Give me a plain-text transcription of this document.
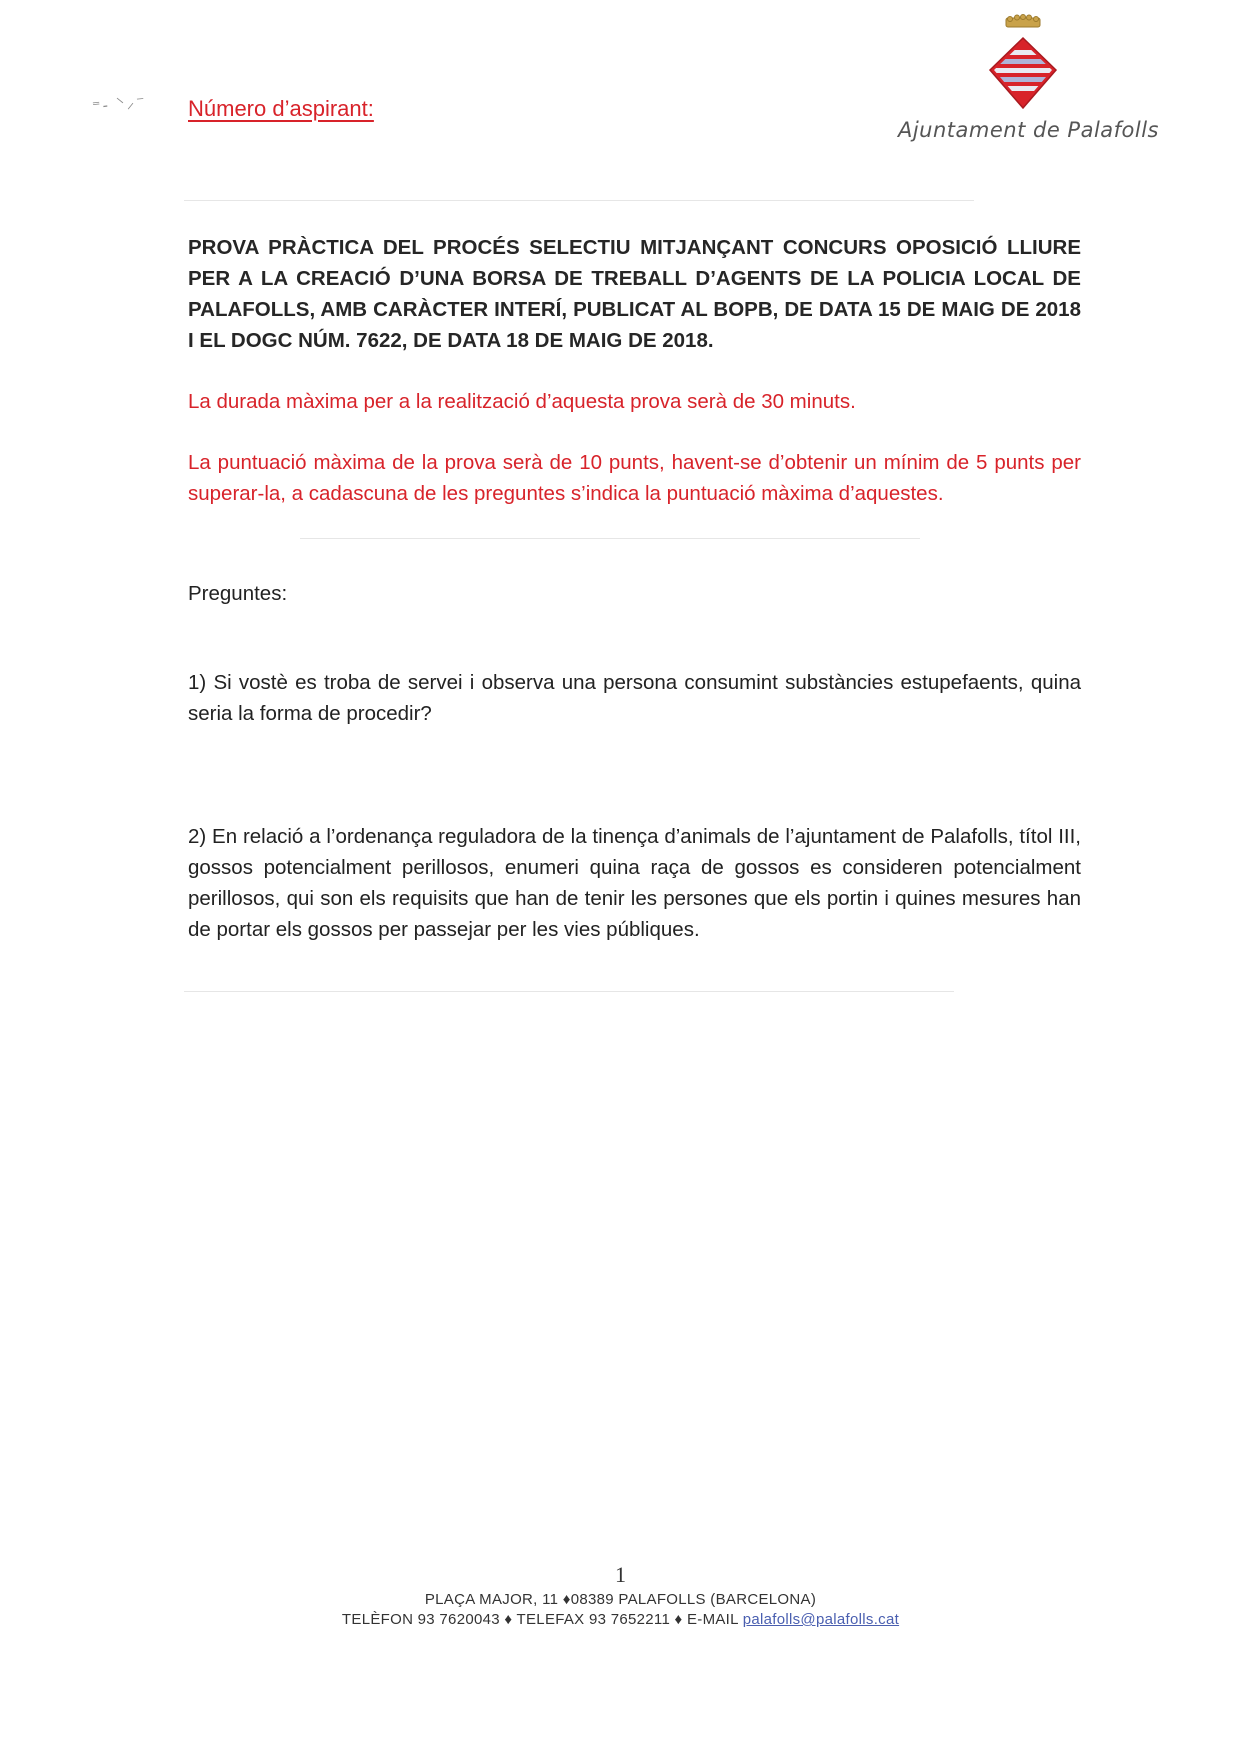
⁼- ⸌⸝⁻ Número d’aspirant:
Ajuntament de Palafolls
PROVA PRÀCTICA DEL PROCÉS SELECTIU MITJANÇANT CONCURS OPOSICIÓ LLIURE PER A LA CREACIÓ D’UNA BORSA DE TREBALL D’AGENTS DE LA POLICIA LOCAL DE PALAFOLLS, AMB CARÀCTER INTERÍ, PUBLICAT AL BOPB, DE DATA 15 DE MAIG DE 2018 I EL DOGC NÚM. 7622, DE DATA 18 DE MAIG DE 2018.
La durada màxima per a la realització d’aquesta prova serà de 30 minuts.
La puntuació màxima de la prova serà de 10 punts, havent-se d’obtenir un mínim de 5 punts per superar-la, a cadascuna de les preguntes s’indica la puntuació màxima d’aquestes.
Preguntes:
1) Si vostè es troba de servei i observa una persona consumint substàncies estupefaents, quina seria la forma de procedir?
2) En relació a l’ordenança reguladora de la tinença d’animals de l’ajuntament de Palafolls, títol III, gossos potencialment perillosos, enumeri quina raça de gossos es consideren potencialment perillosos, qui son els requisits que han de tenir les persones que els portin i quines mesures han de portar els gossos per passejar per les vies públiques.
1
PLAÇA MAJOR, 11 ♦08389 PALAFOLLS (BARCELONA)
TELÈFON 93 7620043 ♦ TELEFAX 93 7652211 ♦ E-MAIL palafolls@palafolls.cat
